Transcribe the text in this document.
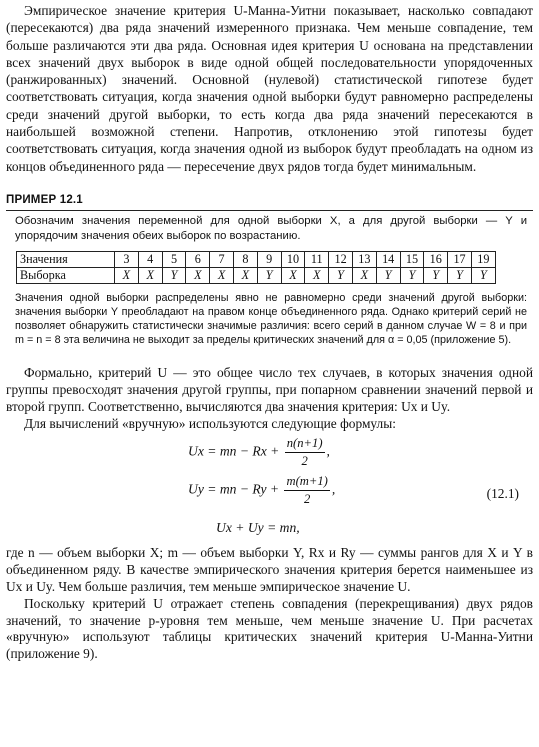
Эмпирическое значение критерия U-Манна-Уитни показывает, насколько совпадают (пересекаются) два ряда значений измеренного признака. Чем меньше совпадение, тем больше различаются эти два ряда. Основная идея критерия U основана на представлении всех значений двух выборок в виде одной общей последовательности упорядоченных (ранжированных) значений. Основной (нулевой) статистической гипотезе будет соответствовать ситуация, когда значения одной выборки будут равномерно распределены среди значений другой выборки, то есть когда два ряда значений пересекаются в наибольшей возможной степени. Напротив, отклонению этой гипотезы будет соответствовать ситуация, когда значения одной из выборок будут преобладать на одном из концов объединенного ряда — пересечение двух рядов тогда будет минимальным.

ПРИМЕР 12.1

Обозначим значения переменной для одной выборки X, а для другой выборки — Y и упорядочим значения обеих выборок по возрастанию.

Значения	3	4	5	6	7	8	9	10	11	12	13	14	15	16	17	19
Выборка	X	X	Y	X	X	X	Y	X	X	Y	X	Y	Y	Y	Y	Y

Значения одной выборки распределены явно не равномерно среди значений другой выборки: значения выборки Y преобладают на правом конце объединенного ряда. Однако критерий серий не позволяет обнаружить статистически значимые различия: всего серий в данном случае W = 8 и при m = n = 8 эта величина не выходит за пределы критических значений для α = 0,05 (приложение 5).

Формально, критерий U — это общее число тех случаев, в которых значения одной группы превосходят значения другой группы, при попарном сравнении значений первой и второй групп. Соответственно, вычисляются два значения критерия: Ux и Uy.

Для вычислений «вручную» используются следующие формулы:

Ux = mn − $Rx + \frac{n(n+1)}{2}$ ,
Uy = mn − $Ry + \frac{m(m+1)}{2}$ ,
Ux + Uy = mn,
(12.1)

где n — объем выборки X; m — объем выборки Y, Rx и Ry — суммы рангов для X и Y в объединенном ряду. В качестве эмпирического значения критерия берется наименьшее из Ux и Uy. Чем больше различия, тем меньше эмпирическое значение U.

Поскольку критерий U отражает степень совпадения (перекрещивания) двух рядов значений, то значение p-уровня тем меньше, чем меньше значение U. При расчетах «вручную» используют таблицы критических значений критерия U-Манна-Уитни (приложение 9).
